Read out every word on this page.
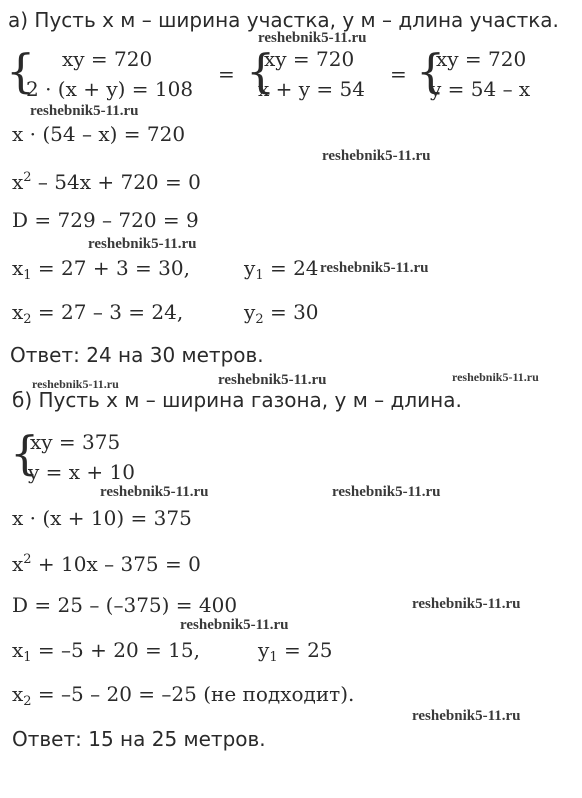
а) Пусть x м – ширина участка, y м – длина участка.
{ xy = 720
2 · (x + y) = 108
= {
xy = 720
x + y = 54
= {
xy = 720
y = 54 – x
x · (54 – x) = 720
$x^2 - 54x + 720 = 0$
D = 729 – 720 = 9
$x_1 = 27 + 3 = 30$,	$y_1 = 24$
$x_2 = 27 - 3 = 24$,	$y_2 = 30$
Ответ: 24 на 30 метров.
б) Пусть x м – ширина газона, y м – длина.
{
xy = 375
y = x + 10
x · (x + 10) = 375
$x^2 + 10x - 375 = 0$
D = 25 – (–375) = 400
$x_1 = -5 + 20 = 15$,	$y_1 = 25$
$x_2 = -5 - 20 = -25$ (не подходит).
Ответ: 15 на 25 метров.
reshebnik5-11.ru
reshebnik5-11.ru
reshebnik5-11.ru
reshebnik5-11.ru
reshebnik5-11.ru
reshebnik5-11.ru	reshebnik5-11.ru	reshebnik5-11.ru
reshebnik5-11.ru	reshebnik5-11.ru
reshebnik5-11.ru
reshebnik5-11.ru
reshebnik5-11.ru
